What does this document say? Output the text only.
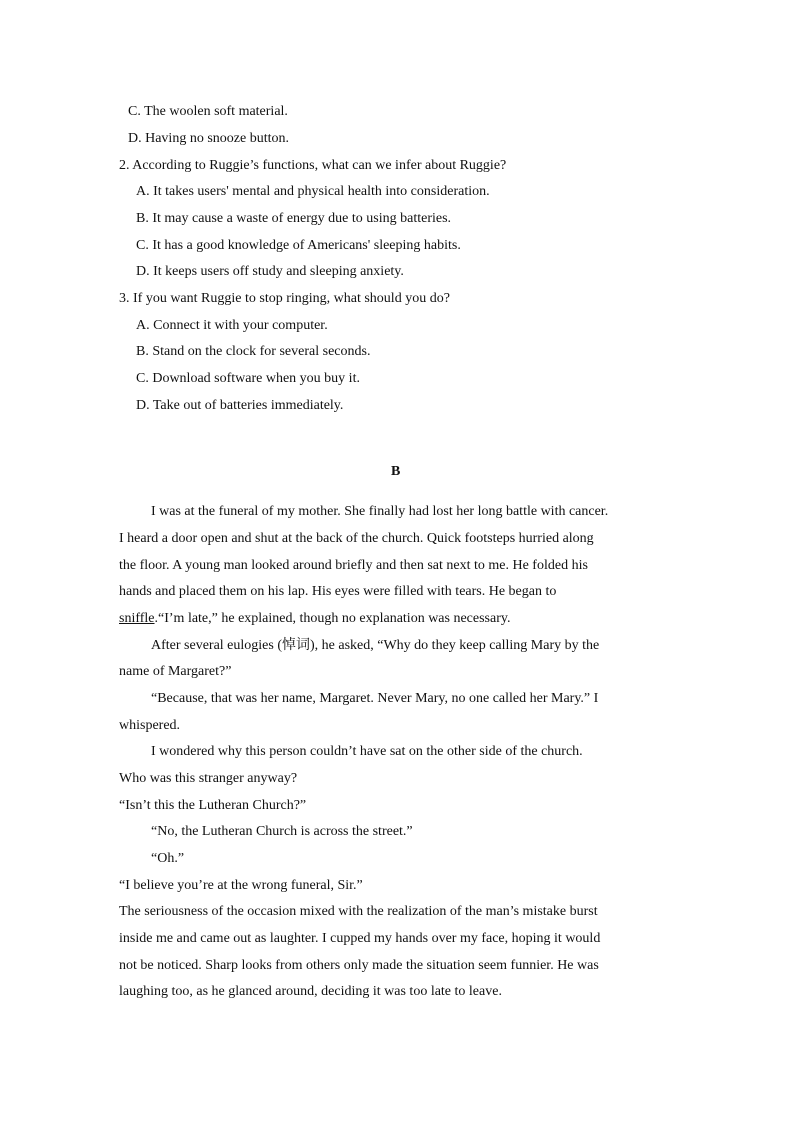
C. The woolen soft material.
D. Having no snooze button.
2. According to Ruggie’s functions, what can we infer about Ruggie?
A. It takes users' mental and physical health into consideration.
B. It may cause a waste of energy due to using batteries.
C. It has a good knowledge of Americans' sleeping habits.
D. It keeps users off study and sleeping anxiety.
3. If you want Ruggie to stop ringing, what should you do?
A. Connect it with your computer.
B. Stand on the clock for several seconds.
C. Download software when you buy it.
D. Take out of batteries immediately.
B
I was at the funeral of my mother. She finally had lost her long battle with cancer.
I heard a door open and shut at the back of the church. Quick footsteps hurried along
the floor. A young man looked around briefly and then sat next to me. He folded his
hands and placed them on his lap. His eyes were filled with tears. He began to
sniffle.“I’m late,” he explained, though no explanation was necessary.
After several eulogies (悼词), he asked, “Why do they keep calling Mary by the
name of Margaret?”
“Because, that was her name, Margaret. Never Mary, no one called her Mary.” I
whispered.
I wondered why this person couldn’t have sat on the other side of the church.
Who was this stranger anyway?
“Isn’t this the Lutheran Church?”
“No, the Lutheran Church is across the street.”
“Oh.”
“I believe you’re at the wrong funeral, Sir.”
The seriousness of the occasion mixed with the realization of the man’s mistake burst
inside me and came out as laughter. I cupped my hands over my face, hoping it would
not be noticed. Sharp looks from others only made the situation seem funnier. He was
laughing too, as he glanced around, deciding it was too late to leave.
